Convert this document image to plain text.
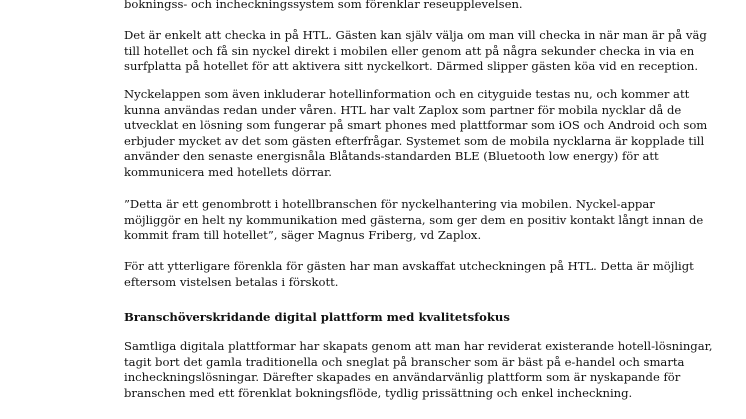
bokningss- och incheckningssystem som förenklar reseupplevelsen.

Det är enkelt att checka in på HTL. Gästen kan själv välja om man vill checka in när man är på väg
till hotellet och få sin nyckel direkt i mobilen eller genom att på några sekunder checka in via en
surfplatta på hotellet för att aktivera sitt nyckelkort. Därmed slipper gästen köa vid en reception.

Nyckelappen som även inkluderar hotellinformation och en cityguide testas nu, och kommer att
kunna användas redan under våren. HTL har valt Zaplox som partner för mobila nycklar då de
utvecklat en lösning som fungerar på smart phones med plattformar som iOS och Android och som
erbjuder mycket av det som gästen efterfrågar. Systemet som de mobila nycklarna är kopplade till
använder den senaste energisnåla Blåtands-standarden BLE (Bluetooth low energy) för att
kommunicera med hotellets dörrar.

”Detta är ett genombrott i hotellbranschen för nyckelhantering via mobilen. Nyckel-appar
möjliggör en helt ny kommunikation med gästerna, som ger dem en positiv kontakt långt innan de
kommit fram till hotellet”, säger Magnus Friberg, vd Zaplox.

För att ytterligare förenkla för gästen har man avskaffat utcheckningen på HTL. Detta är möjligt
eftersom vistelsen betalas i förskott.

Branschöverskridande digital plattform med kvalitetsfokus

Samtliga digitala plattformar har skapats genom att man har reviderat existerande hotell-lösningar,
tagit bort det gamla traditionella och sneglat på branscher som är bäst på e-handel och smarta
incheckningslösningar. Därefter skapades en användarvänlig plattform som är nyskapande för
branschen med ett förenklat bokningsflöde, tydlig prissättning och enkel incheckning.
